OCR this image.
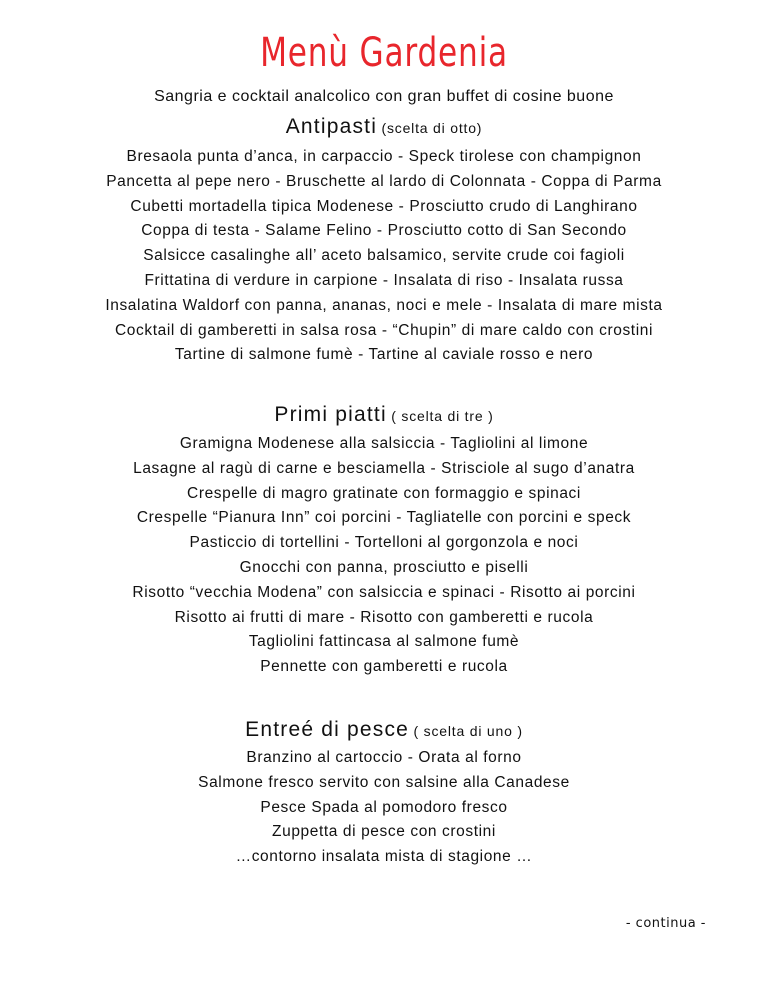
Menù Gardenia
Sangria e cocktail analcolico con gran buffet di cosine buone
Antipasti (scelta di otto)
Bresaola punta d’anca, in carpaccio - Speck tirolese con champignon
Pancetta al pepe nero - Bruschette al lardo di Colonnata - Coppa di Parma
Cubetti mortadella tipica Modenese - Prosciutto crudo di Langhirano
Coppa di testa - Salame Felino - Prosciutto cotto di San Secondo
Salsicce casalinghe all’ aceto balsamico, servite crude coi fagioli
Frittatina di verdure in carpione - Insalata di riso - Insalata russa
Insalatina Waldorf con panna, ananas, noci e mele - Insalata di mare mista
Cocktail di gamberetti in salsa rosa - “Chupin” di mare caldo con crostini
Tartine di salmone fumè - Tartine al caviale rosso e nero
Primi piatti ( scelta di tre )
Gramigna Modenese alla salsiccia - Tagliolini al limone
Lasagne al ragù di carne e besciamella - Strisciole al sugo d’anatra
Crespelle di magro gratinate con formaggio e spinaci
Crespelle “Pianura Inn” coi porcini - Tagliatelle con porcini e speck
Pasticcio di tortellini - Tortelloni al gorgonzola e noci
Gnocchi con panna, prosciutto e piselli
Risotto “vecchia Modena” con salsiccia e spinaci - Risotto ai porcini
Risotto ai frutti di mare - Risotto con gamberetti e rucola
Tagliolini fattincasa al salmone fumè
Pennette con gamberetti e rucola
Entreé di pesce ( scelta di uno )
Branzino al cartoccio - Orata al forno
Salmone fresco servito con salsine alla Canadese
Pesce Spada al pomodoro fresco
Zuppetta di pesce con crostini
…contorno insalata mista di stagione …
- continua -
